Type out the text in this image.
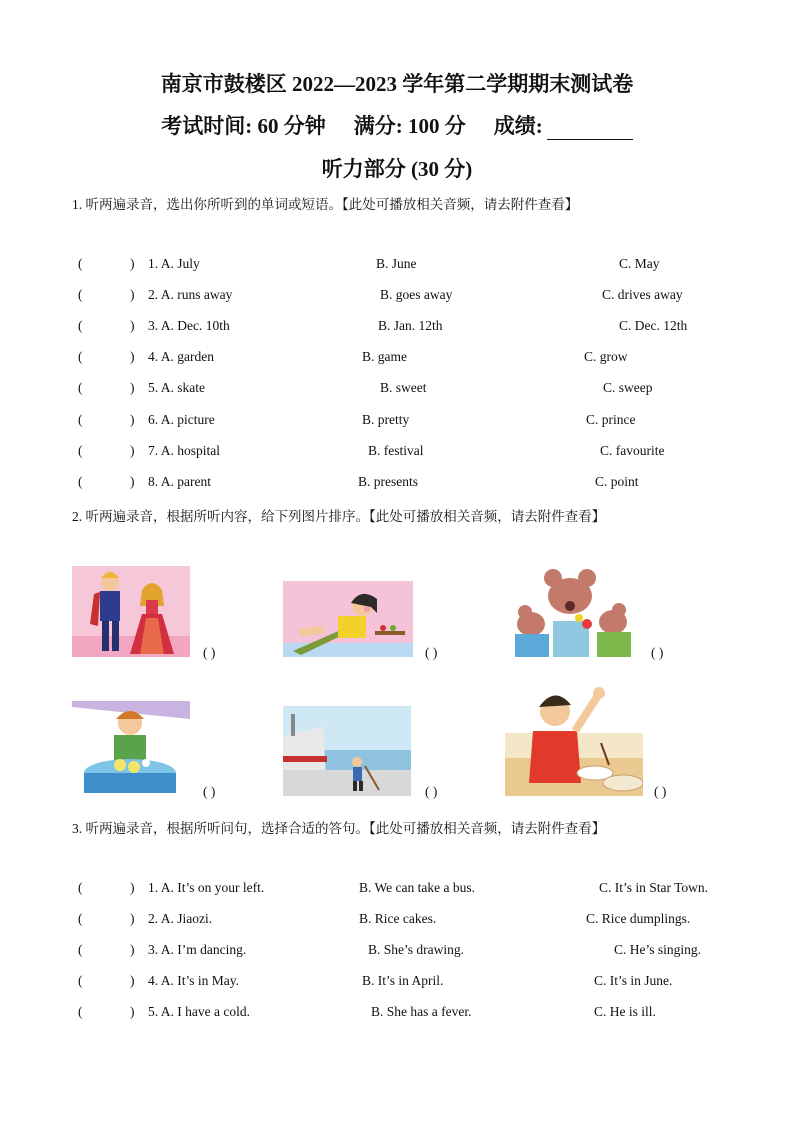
南京市鼓楼区 2022—2023 学年第二学期期末测试卷
考试时间: 60 分钟 满分: 100 分 成绩:
听力部分 (30 分)
1. 听两遍录音，选出你所听到的单词或短语。【此处可播放相关音频，请去附件查看】
(	) 1. A. July	B. June	C. May
(	) 2. A. runs away	B. goes away	C. drives away
(	) 3. A. Dec. 10th	B. Jan. 12th	C. Dec. 12th
(	) 4. A. garden	B. game	C. grow
(	) 5. A. skate	B. sweet	C. sweep
(	) 6. A. picture	B. pretty	C. prince
(	) 7. A. hospital	B. festival	C. favourite
(	) 8. A. parent	B. presents	C. point
2. 听两遍录音，根据所听内容，给下列图片排序。【此处可播放相关音频，请去附件查看】
( )	( )	( )
( )	( )	( )
3. 听两遍录音，根据所听问句，选择合适的答句。【此处可播放相关音频，请去附件查看】
(	) 1. A. It’s on your left.	B. We can take a bus.	C. It’s in Star Town.
(	) 2. A. Jiaozi.	B. Rice cakes.	C. Rice dumplings.
(	) 3. A. I’m dancing.	B. She’s drawing.	C. He’s singing.
(	) 4. A. It’s in May.	B. It’s in April.	C. It’s in June.
(	) 5. A. I have a cold.	B. She has a fever.	C. He is ill.
